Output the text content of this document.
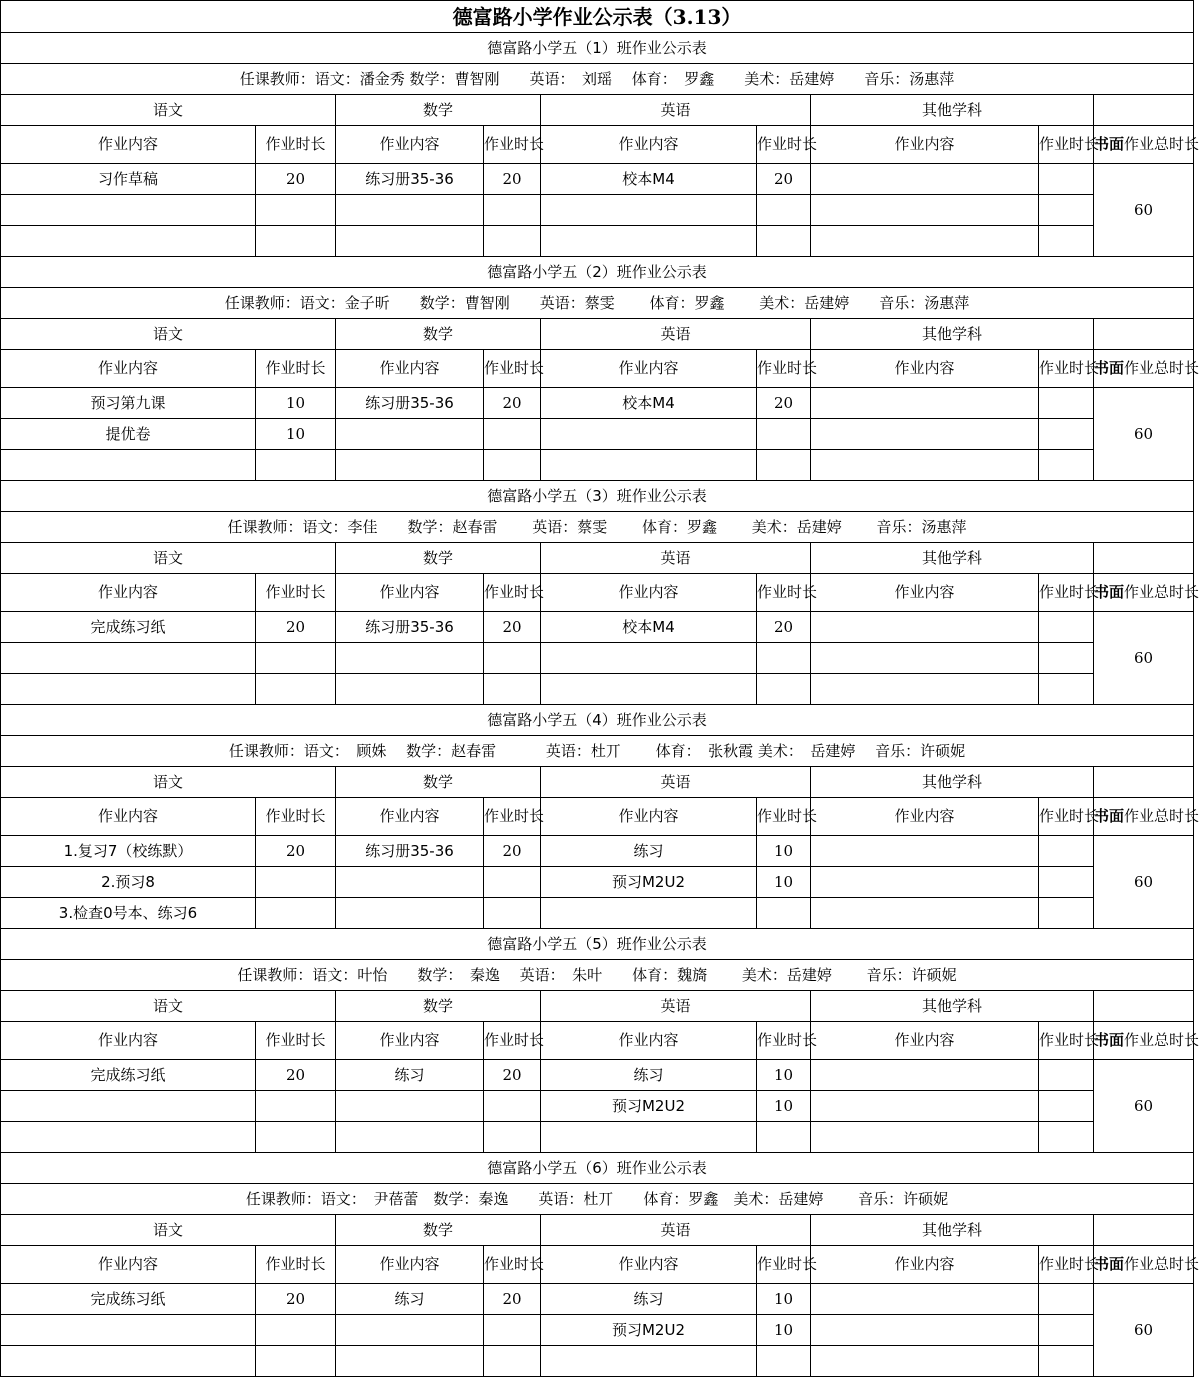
德富路小学作业公示表（3.13）								
德富路小学五（1）班作业公示表								
任课教师：语文：潘金秀 数学：曹智刚　　英语：　刘瑶　 体育：　罗鑫　　美术：岳建婷　　音乐：汤惠萍								
语文		数学		英语		其他学科		
作业内容	作业时长	作业内容	作业时长	作业内容	作业时长	作业内容	作业时长	书面作业总时长
习作草稿	20	练习册35-36	20	校本M4	20			60

德富路小学五（2）班作业公示表								
任课教师：语文：金子昕　　数学：曹智刚　　英语：蔡雯　　 体育：罗鑫　　 美术：岳建婷　　音乐：汤惠萍								
语文		数学		英语		其他学科		
作业内容	作业时长	作业内容	作业时长	作业内容	作业时长	作业内容	作业时长	书面作业总时长
预习第九课	10	练习册35-36	20	校本M4	20			60
提优卷	10							

德富路小学五（3）班作业公示表								
任课教师：语文：李佳　　数学：赵春雷　　 英语：蔡雯　　 体育：罗鑫　　 美术：岳建婷　　 音乐：汤惠萍								
语文		数学		英语		其他学科		
作业内容	作业时长	作业内容	作业时长	作业内容	作业时长	作业内容	作业时长	书面作业总时长
完成练习纸	20	练习册35-36	20	校本M4	20			60

德富路小学五（4）班作业公示表								
任课教师：语文：　顾姝　 数学：赵春雷　　　 英语：杜丌　　 体育：　张秋霞 美术：　岳建婷　 音乐：许硕妮								
语文		数学		英语		其他学科		
作业内容	作业时长	作业内容	作业时长	作业内容	作业时长	作业内容	作业时长	书面作业总时长
1.复习7（校练默）	20	练习册35-36	20	练习	10			60
2.预习8				预习M2U2	10			
3.检查0号本、练习6								
德富路小学五（5）班作业公示表								
任课教师：语文：叶怡　　数学：　秦逸　 英语：　朱叶　　体育：魏旖　　 美术：岳建婷　　 音乐：许硕妮								
语文		数学		英语		其他学科		
作业内容	作业时长	作业内容	作业时长	作业内容	作业时长	作业内容	作业时长	书面作业总时长
完成练习纸	20	练习	20	练习	10			60
				预习M2U2	10			

德富路小学五（6）班作业公示表								
任课教师：语文：　尹蓓蕾　数学：秦逸　　英语：杜丌　　体育：罗鑫　美术：岳建婷　　 音乐：许硕妮								
语文		数学		英语		其他学科		
作业内容	作业时长	作业内容	作业时长	作业内容	作业时长	作业内容	作业时长	书面作业总时长
完成练习纸	20	练习	20	练习	10			60
				预习M2U2	10			
